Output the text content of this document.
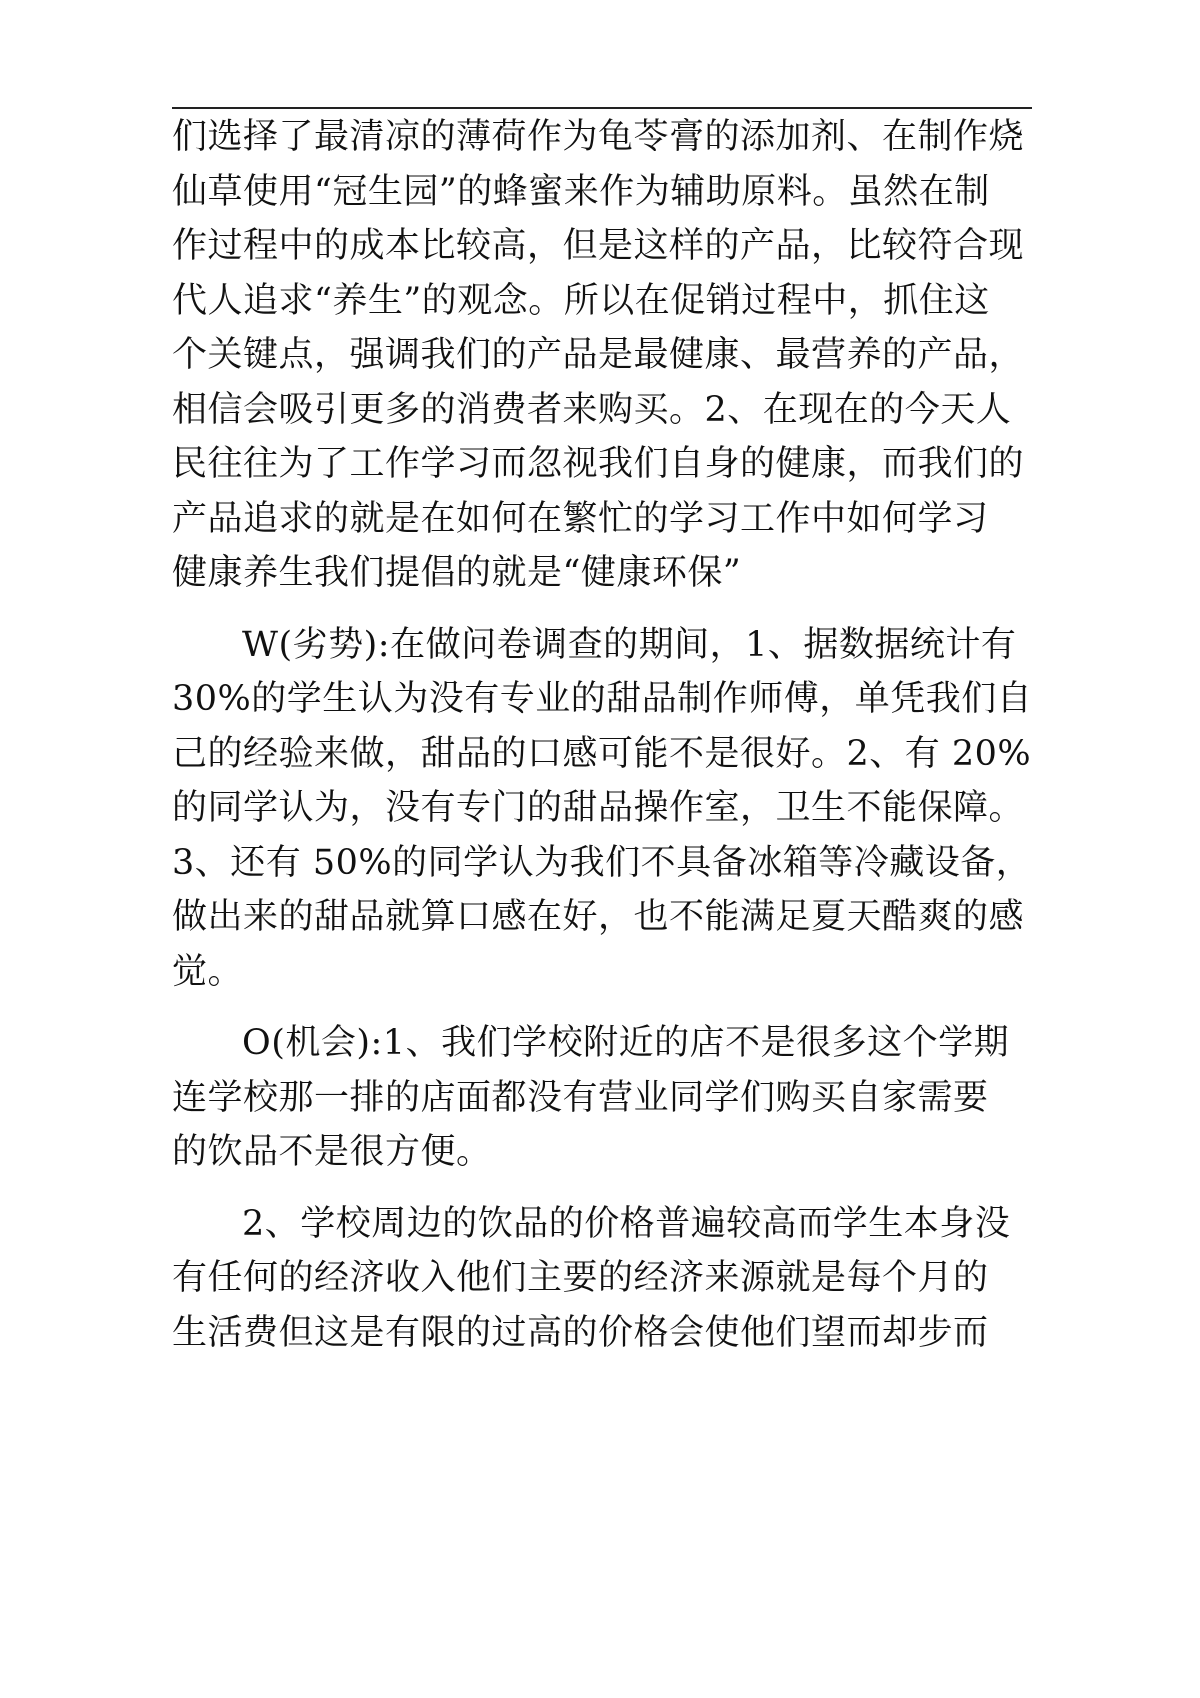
们选择了最清凉的薄荷作为龟苓膏的添加剂、在制作烧
仙草使用“冠生园”的蜂蜜来作为辅助原料。虽然在制
作过程中的成本比较高，但是这样的产品，比较符合现
代人追求“养生”的观念。所以在促销过程中，抓住这
个关键点，强调我们的产品是最健康、最营养的产品，
相信会吸引更多的消费者来购买。2、在现在的今天人
民往往为了工作学习而忽视我们自身的健康，而我们的
产品追求的就是在如何在繁忙的学习工作中如何学习
健康养生我们提倡的就是“健康环保”
W(劣势):在做问卷调查的期间，1、据数据统计有
30%的学生认为没有专业的甜品制作师傅，单凭我们自
己的经验来做，甜品的口感可能不是很好。2、有 20%
的同学认为，没有专门的甜品操作室，卫生不能保障。
3、还有 50%的同学认为我们不具备冰箱等冷藏设备，
做出来的甜品就算口感在好，也不能满足夏天酷爽的感
觉。
O(机会):1、我们学校附近的店不是很多这个学期
连学校那一排的店面都没有营业同学们购买自家需要
的饮品不是很方便。
2、学校周边的饮品的价格普遍较高而学生本身没
有任何的经济收入他们主要的经济来源就是每个月的
生活费但这是有限的过高的价格会使他们望而却步而
